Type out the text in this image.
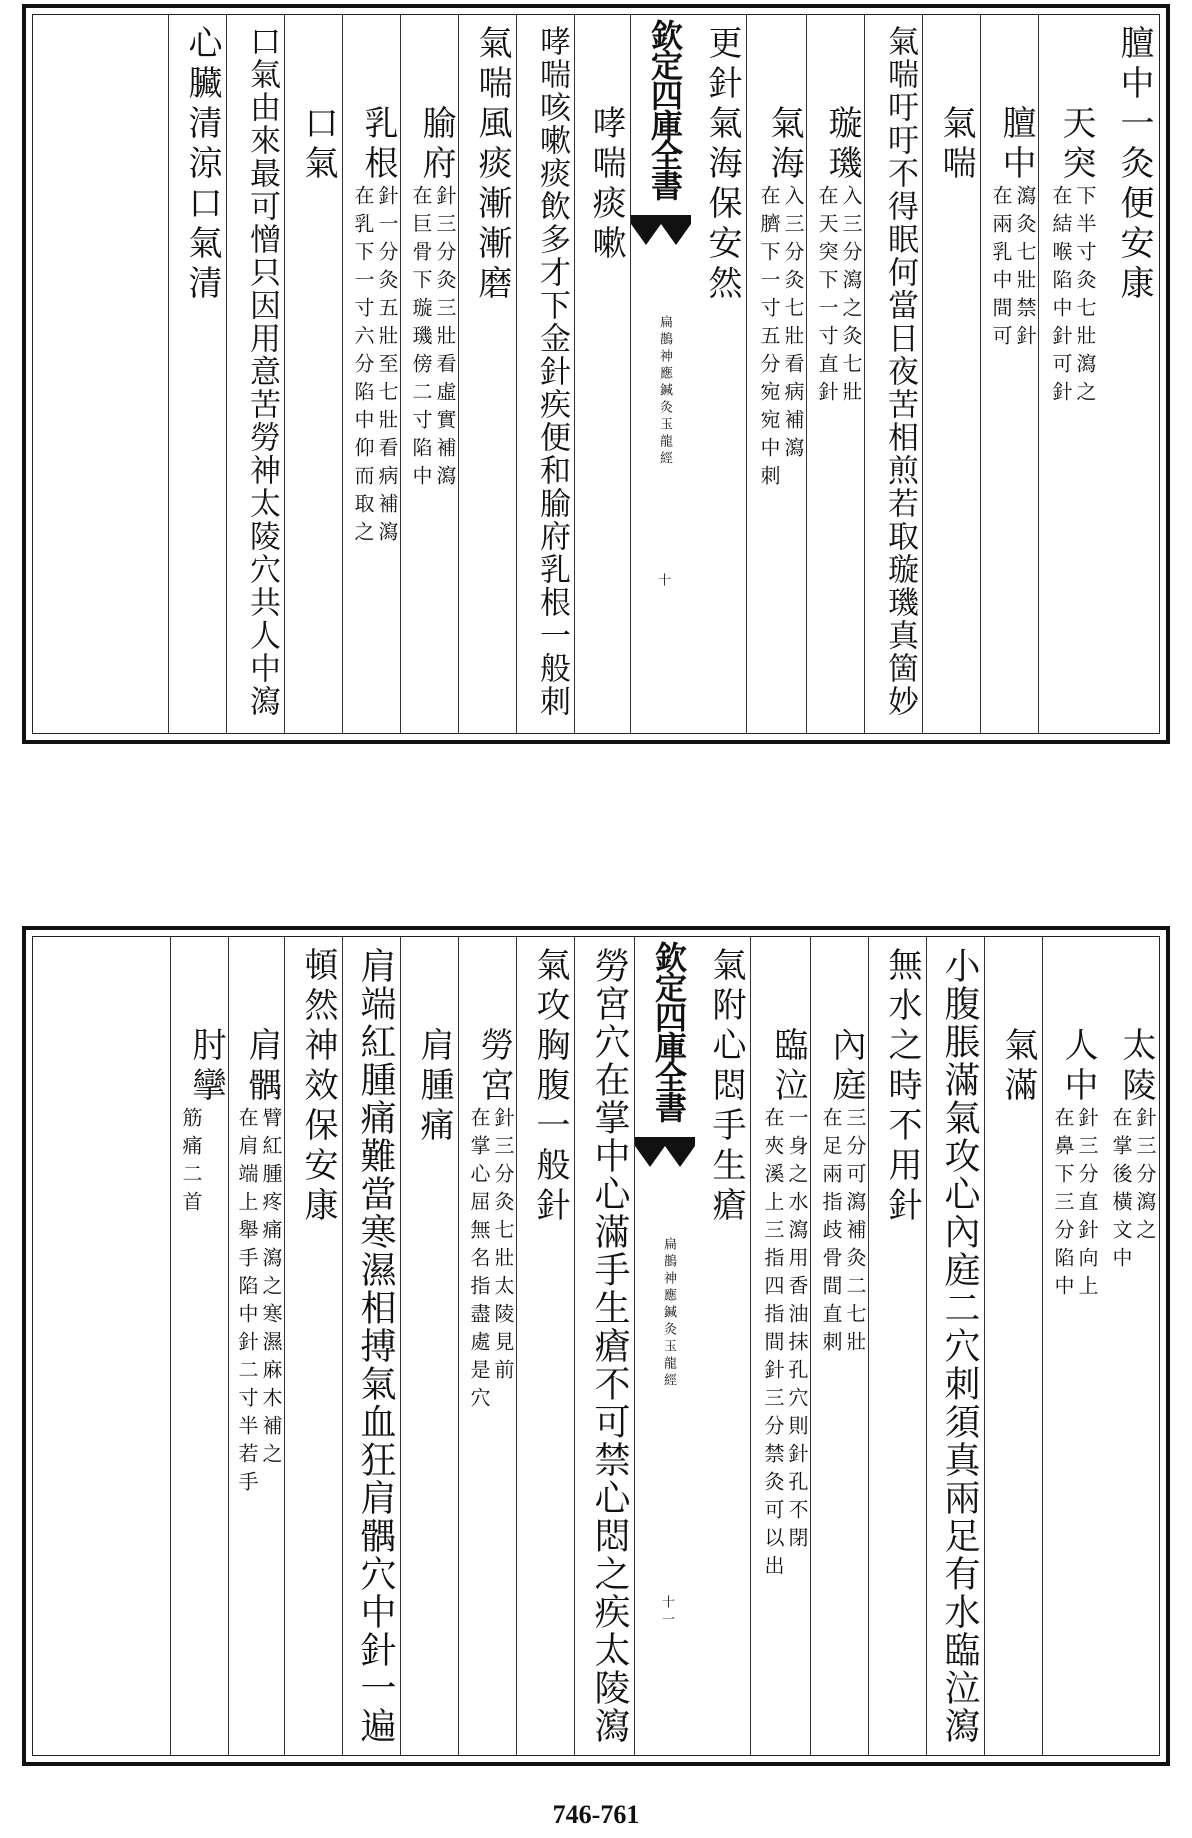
膻中一灸便安康
天突
在結喉陷中針可針 下半寸灸七壯瀉之
膻中
在兩乳中間可 瀉灸七壯禁針
氣喘
氣喘吁吁不得眠何當日夜苦相煎若取璇璣真箇妙
璇璣
在天突下一寸直針 入三分瀉之灸七壯
氣海
在臍下一寸五分宛宛中刺 入三分灸七壯看病補瀉
更針氣海保安然
欽定四庫全書
扁鵲神應鍼灸玉龍經
十
哮喘痰嗽
哮喘咳嗽痰飲多才下金針疾便和腧府乳根一般刺
氣喘風痰漸漸磨
腧府
在巨骨下璇璣傍二寸陷中 針三分灸三壯看虛實補瀉
乳根
在乳下一寸六分陷中仰而取之 針一分灸五壯至七壯看病補瀉
口氣
口氣由來最可憎只因用意苦勞神太陵穴共人中瀉
心臟清涼口氣清
太陵
在掌後橫文中 針三分瀉之
人中
在鼻下三分陷中 針三分直針向上
氣滿
小腹脹滿氣攻心內庭二穴刺須真兩足有水臨泣瀉
無水之時不用針
內庭
在足兩指歧骨間直刺 三分可瀉補灸二七壯
臨泣
在夾溪上三指四指間針三分禁灸可以出 一身之水瀉用香油抹孔穴則針孔不閉
氣附心悶手生瘡
欽定四庫全書
扁鵲神應鍼灸玉龍經
十一
勞宮穴在掌中心滿手生瘡不可禁心悶之疾太陵瀉
氣攻胸腹一般針
勞宮
在掌心屈無名指盡處是穴 針三分灸七壯太陵見前
肩腫痛
肩端紅腫痛難當寒濕相搏氣血狂肩髃穴中針一遍
頓然神效保安康
肩髃
在肩端上舉手陷中針二寸半若手 臂紅腫疼痛瀉之寒濕麻木補之
肘攣
筋痛二首
746-761
